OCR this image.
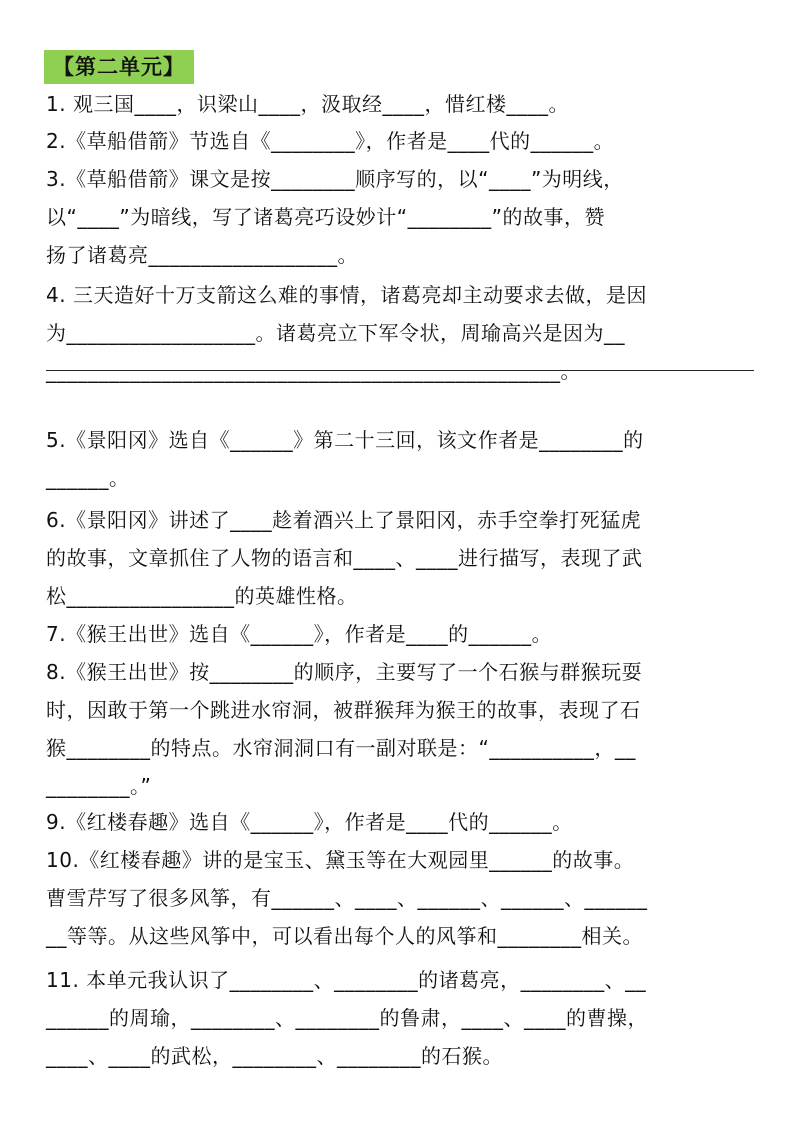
【第二单元】
1. 观三国____，识梁山____，汲取经____，惜红楼____。
2.《草船借箭》节选自《________》，作者是____代的______。
3.《草船借箭》课文是按________顺序写的，以“____”为明线，
以“____”为暗线，写了诸葛亮巧设妙计“________”的故事，赞
扬了诸葛亮__________________。
4. 三天造好十万支箭这么难的事情，诸葛亮却主动要求去做，是因
为__________________。诸葛亮立下军令状，周瑜高兴是因为__
_________________________________________________。
5.《景阳冈》选自《______》第二十三回，该文作者是________的
______。
6.《景阳冈》讲述了____趁着酒兴上了景阳冈，赤手空拳打死猛虎
的故事，文章抓住了人物的语言和____、____进行描写，表现了武
松________________的英雄性格。
7.《猴王出世》选自《______》，作者是____的______。
8.《猴王出世》按________的顺序，主要写了一个石猴与群猴玩耍
时，因敢于第一个跳进水帘洞，被群猴拜为猴王的故事，表现了石
猴________的特点。水帘洞洞口有一副对联是：“__________，__
________。”
9.《红楼春趣》选自《______》，作者是____代的______。
10.《红楼春趣》讲的是宝玉、黛玉等在大观园里______的故事。
曹雪芹写了很多风筝，有______、____、______、______、______
__等等。从这些风筝中，可以看出每个人的风筝和________相关。
11. 本单元我认识了________、________的诸葛亮，________、__
______的周瑜，________、________的鲁肃，____、____的曹操，
____、____的武松，________、________的石猴。
